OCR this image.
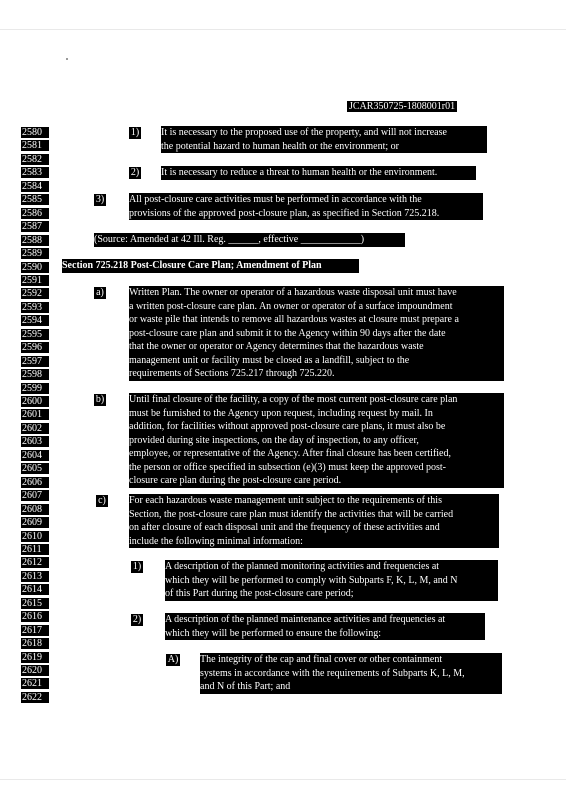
JCAR350725-1808001r01
2580
2581
2582
2583
2584
2585
2586
2587
2588
2589
2590
2591
2592
2593
2594
2595
2596
2597
2598
2599
2600
2601
2602
2603
2604
2605
2606
2607
2608
2609
2610
2611
2612
2613
2614
2615
2616
2617
2618
2619
2620
2621
2622
1) It is necessary to the proposed use of the property, and will not increase
the potential hazard to human health or the environment; or
2) It is necessary to reduce a threat to human health or the environment.
3) All post-closure care activities must be performed in accordance with the
provisions of the approved post-closure plan, as specified in Section 725.218.
(Source: Amended at 42 Ill. Reg. ______, effective ____________)
Section 725.218 Post-Closure Care Plan; Amendment of Plan
a)	Written Plan. The owner or operator of a hazardous waste disposal unit must have
a written post-closure care plan. An owner or operator of a surface impoundment
or waste pile that intends to remove all hazardous wastes at closure must prepare a
post-closure care plan and submit it to the Agency within 90 days after the date
that the owner or operator or Agency determines that the hazardous waste
management unit or facility must be closed as a landfill, subject to the
requirements of Sections 725.217 through 725.220.
b) Until final closure of the facility, a copy of the most current post-closure care plan
must be furnished to the Agency upon request, including request by mail. In
addition, for facilities without approved post-closure care plans, it must also be
provided during site inspections, on the day of inspection, to any officer,
employee, or representative of the Agency. After final closure has been certified,
the person or office specified in subsection (e)(3) must keep the approved post-
closure care plan during the post-closure care period.
c) For each hazardous waste management unit subject to the requirements of this
Section, the post-closure care plan must identify the activities that will be carried
on after closure of each disposal unit and the frequency of these activities and
include the following minimal information:
1) A description of the planned monitoring activities and frequencies at
which they will be performed to comply with Subparts F, K, L, M, and N
of this Part during the post-closure care period;
2) A description of the planned maintenance activities and frequencies at
which they will be performed to ensure the following:
A) The integrity of the cap and final cover or other containment
systems in accordance with the requirements of Subparts K, L, M,
and N of this Part; and
